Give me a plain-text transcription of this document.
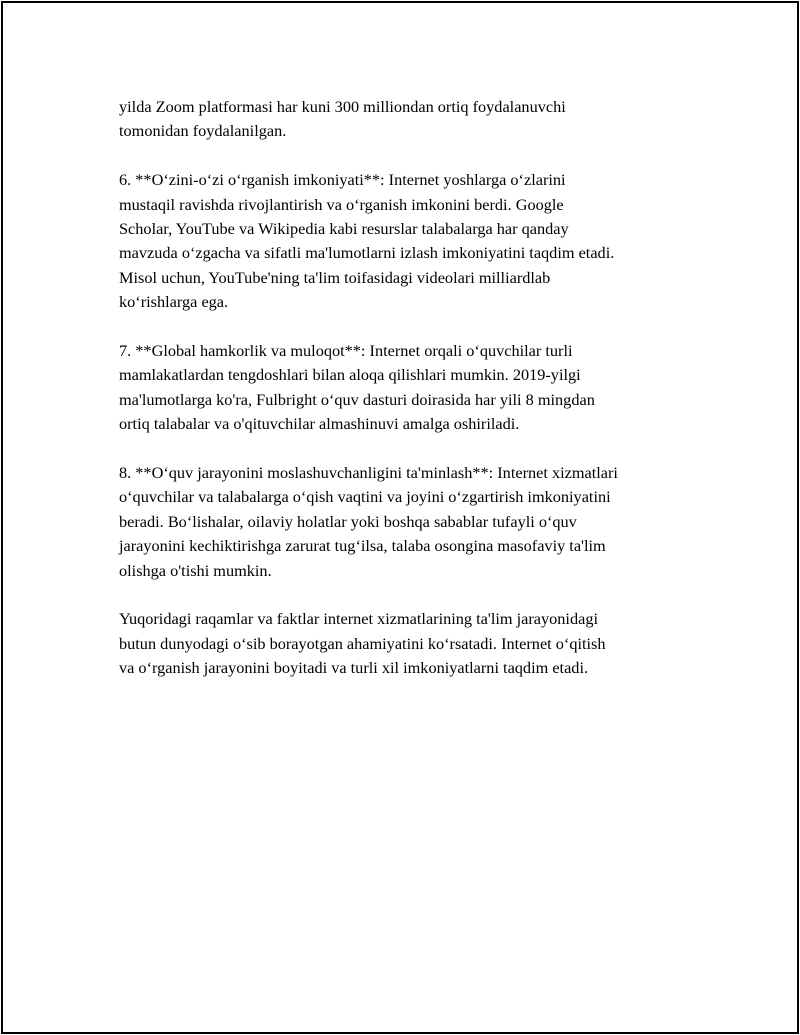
yilda Zoom platformasi har kuni 300 milliondan ortiq foydalanuvchi
tomonidan foydalanilgan.

6. **O‘zini-o‘zi o‘rganish imkoniyati**: Internet yoshlarga o‘zlarini
mustaqil ravishda rivojlantirish va o‘rganish imkonini berdi. Google
Scholar, YouTube va Wikipedia kabi resurslar talabalarga har qanday
mavzuda o‘zgacha va sifatli ma'lumotlarni izlash imkoniyatini taqdim etadi.
Misol uchun, YouTube'ning ta'lim toifasidagi videolari milliardlab
ko‘rishlarga ega.

7. **Global hamkorlik va muloqot**: Internet orqali o‘quvchilar turli
mamlakatlardan tengdoshlari bilan aloqa qilishlari mumkin. 2019-yilgi
ma'lumotlarga ko'ra, Fulbright o‘quv dasturi doirasida har yili 8 mingdan
ortiq talabalar va o'qituvchilar almashinuvi amalga oshiriladi.

8. **O‘quv jarayonini moslashuvchanligini ta'minlash**: Internet xizmatlari
o‘quvchilar va talabalarga o‘qish vaqtini va joyini o‘zgartirish imkoniyatini
beradi. Bo‘lishalar, oilaviy holatlar yoki boshqa sabablar tufayli o‘quv
jarayonini kechiktirishga zarurat tug‘ilsa, talaba osongina masofaviy ta'lim
olishga o'tishi mumkin.

Yuqoridagi raqamlar va faktlar internet xizmatlarining ta'lim jarayonidagi
butun dunyodagi o‘sib borayotgan ahamiyatini ko‘rsatadi. Internet o‘qitish
va o‘rganish jarayonini boyitadi va turli xil imkoniyatlarni taqdim etadi.
